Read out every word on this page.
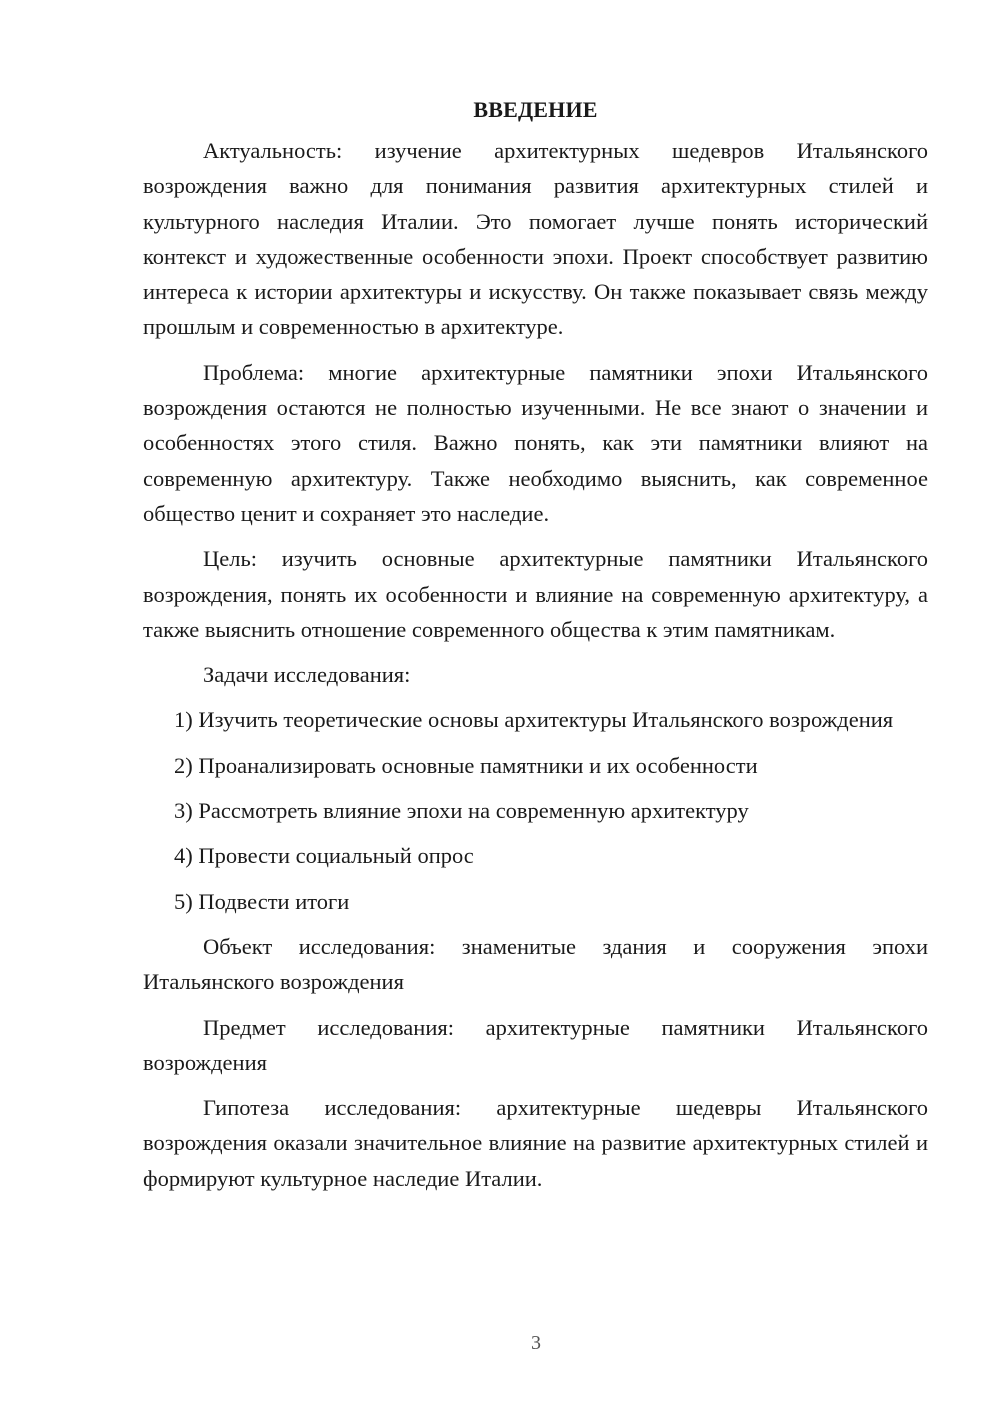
ВВЕДЕНИЕ

Актуальность: изучение архитектурных шедевров Итальянского возрождения важно для понимания развития архитектурных стилей и культурного наследия Италии. Это помогает лучше понять исторический контекст и художественные особенности эпохи. Проект способствует развитию интереса к истории архитектуры и искусству. Он также показывает связь между прошлым и современностью в архитектуре.

Проблема: многие архитектурные памятники эпохи Итальянского возрождения остаются не полностью изученными. Не все знают о значении и особенностях этого стиля. Важно понять, как эти памятники влияют на современную архитектуру. Также необходимо выяснить, как современное общество ценит и сохраняет это наследие.

Цель: изучить основные архитектурные памятники Итальянского возрождения, понять их особенности и влияние на современную архитектуру, а также выяснить отношение современного общества к этим памятникам.

Задачи исследования:

1) Изучить теоретические основы архитектуры Итальянского возрождения

2) Проанализировать основные памятники и их особенности

3) Рассмотреть влияние эпохи на современную архитектуру

4) Провести социальный опрос

5) Подвести итоги

Объект исследования: знаменитые здания и сооружения эпохи Итальянского возрождения

Предмет исследования: архитектурные памятники Итальянского возрождения

Гипотеза исследования: архитектурные шедевры Итальянского возрождения оказали значительное влияние на развитие архитектурных стилей и формируют культурное наследие Италии.

3
